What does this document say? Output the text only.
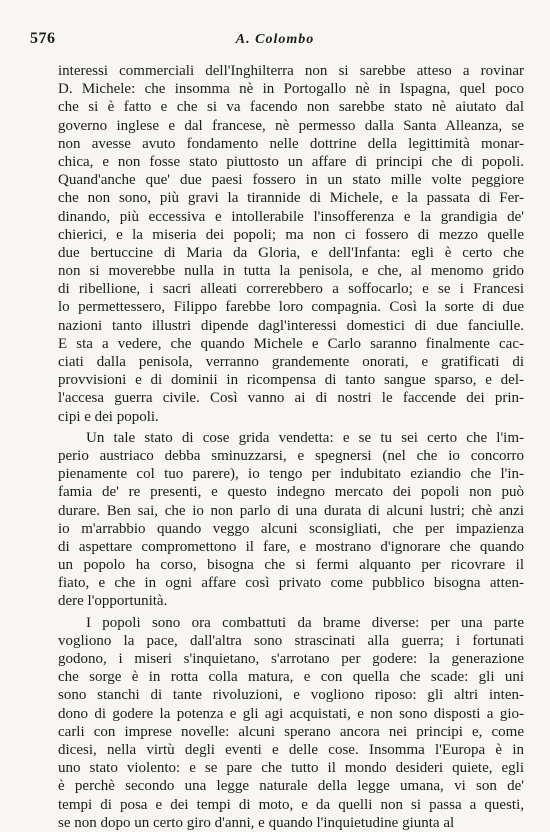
576	A. Colombo
interessi commerciali dell'Inghilterra non si sarebbe atteso a rovinar
D. Michele: che insomma nè in Portogallo nè in Ispagna, quel poco
che si è fatto e che si va facendo non sarebbe stato nè aiutato dal
governo inglese e dal francese, nè permesso dalla Santa Alleanza, se
non avesse avuto fondamento nelle dottrine della legittimità monar-
chica, e non fosse stato piuttosto un affare di principi che di popoli.
Quand'anche que' due paesi fossero in un stato mille volte peggiore
che non sono, più gravi la tirannide di Michele, e la passata di Fer-
dinando, più eccessiva e intollerabile l'insofferenza e la grandigia de'
chierici, e la miseria dei popoli; ma non ci fossero di mezzo quelle
due bertuccine di Maria da Gloria, e dell'Infanta: egli è certo che
non si moverebbe nulla in tutta la penisola, e che, al menomo grido
di ribellione, i sacri alleati correrebbero a soffocarlo; e se i Francesi
lo permettessero, Filippo farebbe loro compagnia. Così la sorte di due
nazioni tanto illustri dipende dagl'interessi domestici di due fanciulle.
E sta a vedere, che quando Michele e Carlo saranno finalmente cac-
ciati dalla penisola, verranno grandemente onorati, e gratificati di
provvisioni e di dominii in ricompensa di tanto sangue sparso, e del-
l'accesa guerra civile. Così vanno ai di nostri le faccende dei prin-
cipi e dei popoli.
Un tale stato di cose grida vendetta: e se tu sei certo che l'im-
perio austriaco debba sminuzzarsi, e spegnersi (nel che io concorro
pienamente col tuo parere), io tengo per indubitato eziandio che l'in-
famia de' re presenti, e questo indegno mercato dei popoli non può
durare. Ben sai, che io non parlo di una durata di alcuni lustri; chè anzi
io m'arrabbio quando veggo alcuni sconsigliati, che per impazienza
di aspettare compromettono il fare, e mostrano d'ignorare che quando
un popolo ha corso, bisogna che si fermi alquanto per ricovrare il
fiato, e che in ogni affare così privato come pubblico bisogna atten-
dere l'opportunità.
I popoli sono ora combattuti da brame diverse: per una parte
vogliono la pace, dall'altra sono strascinati alla guerra; i fortunati
godono, i miseri s'inquietano, s'arrotano per godere: la generazione
che sorge è in rotta colla matura, e con quella che scade: gli uni
sono stanchi di tante rivoluzioni, e vogliono riposo: gli altri inten-
dono di godere la potenza e gli agi acquistati, e non sono disposti a gio-
carli con imprese novelle: alcuni sperano ancora nei principi e, come
dicesi, nella virtù degli eventi e delle cose. Insomma l'Europa è in
uno stato violento: e se pare che tutto il mondo desideri quiete, egli
è perchè secondo una legge naturale della legge umana, vi son de'
tempi di posa e dei tempi di moto, e da quelli non si passa a questi,
se non dopo un certo giro d'anni, e quando l'inquietudine giunta al
